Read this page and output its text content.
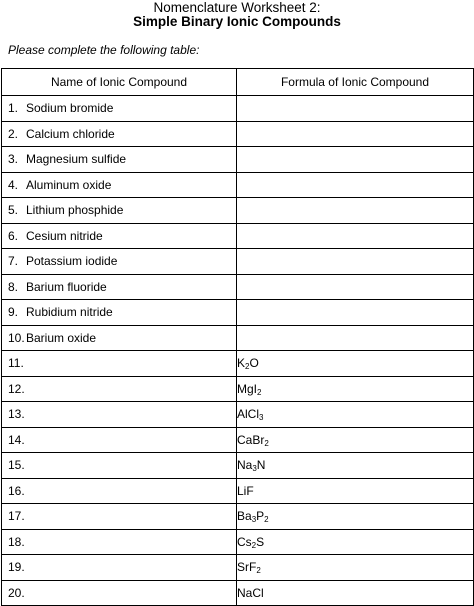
Nomenclature Worksheet 2:
Simple Binary Ionic Compounds
Please complete the following table:
Name of Ionic Compound	Formula of Ionic Compound
1. Sodium bromide	
2. Calcium chloride	
3. Magnesium sulfide	
4. Aluminum oxide	
5. Lithium phosphide	
6. Cesium nitride	
7. Potassium iodide	
8. Barium fluoride	
9. Rubidium nitride	
10.Barium oxide	
11.	$K_2O$
12.	MgI$_2$
13.	AlCl$_3$
14.	CaBr$_2$
15.	$Na_3N$
16.	LiF
17.	$Ba_3P_2$
18.	$Cs_2S$
19.	SrF$_2$
20.	NaCl
